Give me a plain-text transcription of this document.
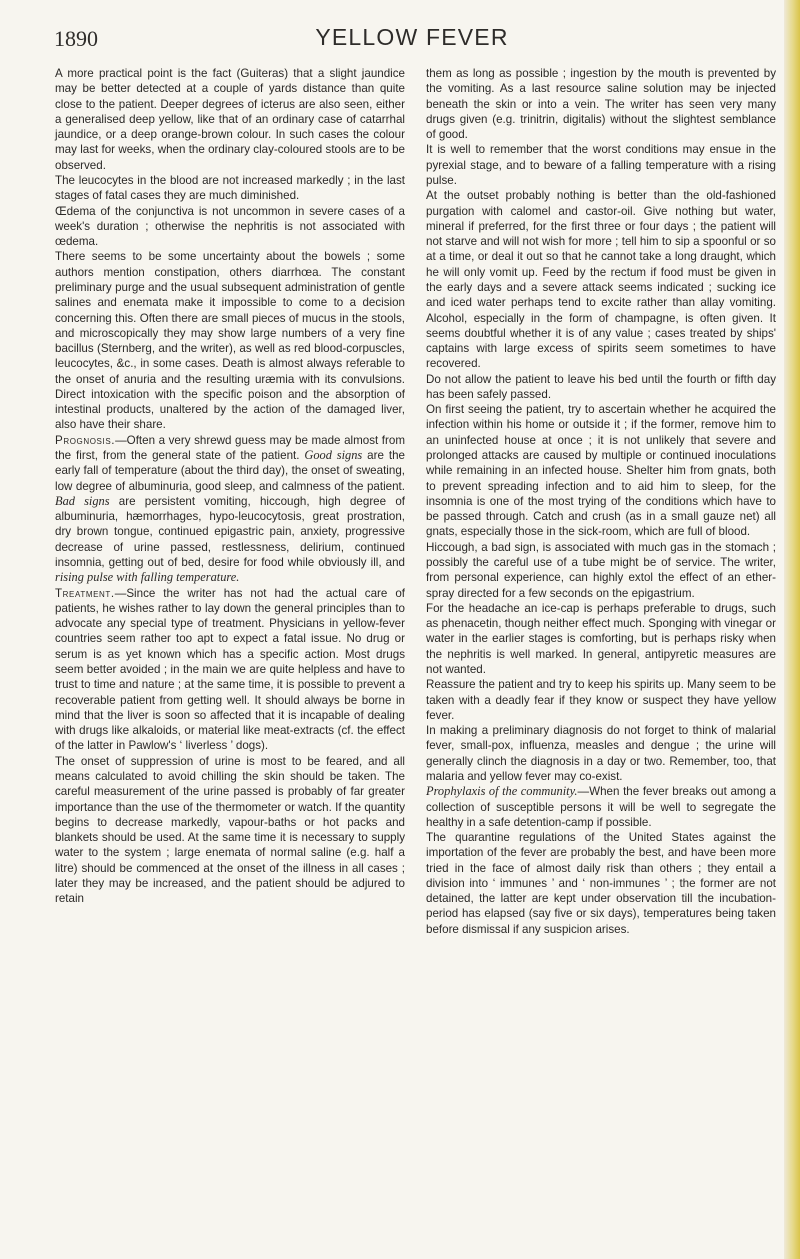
1890	YELLOW FEVER

A more practical point is the fact (Guiteras) that a slight jaundice may be better detected at a couple of yards distance than quite close to the patient. Deeper degrees of icterus are also seen, either a generalised deep yellow, like that of an ordinary case of catarrhal jaundice, or a deep orange-brown colour. In such cases the colour may last for weeks, when the ordinary clay-coloured stools are to be observed.

The leucocytes in the blood are not increased markedly ; in the last stages of fatal cases they are much diminished.

Œdema of the conjunctiva is not uncommon in severe cases of a week's duration ; otherwise the nephritis is not associated with œdema.

There seems to be some uncertainty about the bowels ; some authors mention constipation, others diarrhœa. The constant preliminary purge and the usual subsequent administration of gentle salines and enemata make it impossible to come to a decision concerning this. Often there are small pieces of mucus in the stools, and microscopically they may show large numbers of a very fine bacillus (Sternberg, and the writer), as well as red blood-corpuscles, leucocytes, &c., in some cases. Death is almost always referable to the onset of anuria and the resulting uræmia with its convulsions. Direct intoxication with the specific poison and the absorption of intestinal products, unaltered by the action of the damaged liver, also have their share.

Prognosis.—Often a very shrewd guess may be made almost from the first, from the general state of the patient. Good signs are the early fall of temperature (about the third day), the onset of sweating, low degree of albuminuria, good sleep, and calmness of the patient. Bad signs are persistent vomiting, hiccough, high degree of albuminuria, hæmorrhages, hypo-leucocytosis, great prostration, dry brown tongue, continued epigastric pain, anxiety, progressive decrease of urine passed, restlessness, delirium, continued insomnia, getting out of bed, desire for food while obviously ill, and rising pulse with falling temperature.

Treatment.—Since the writer has not had the actual care of patients, he wishes rather to lay down the general principles than to advocate any special type of treatment. Physicians in yellow-fever countries seem rather too apt to expect a fatal issue. No drug or serum is as yet known which has a specific action. Most drugs seem better avoided ; in the main we are quite helpless and have to trust to time and nature ; at the same time, it is possible to prevent a recoverable patient from getting well. It should always be borne in mind that the liver is soon so affected that it is incapable of dealing with drugs like alkaloids, or material like meat-extracts (cf. the effect of the latter in Pawlow's ‘ liverless ’ dogs).

The onset of suppression of urine is most to be feared, and all means calculated to avoid chilling the skin should be taken. The careful measurement of the urine passed is probably of far greater importance than the use of the thermometer or watch. If the quantity begins to decrease markedly, vapour-baths or hot packs and blankets should be used. At the same time it is necessary to supply water to the system ; large enemata of normal saline (e.g. half a litre) should be commenced at the onset of the illness in all cases ; later they may be increased, and the patient should be adjured to retain

them as long as possible ; ingestion by the mouth is prevented by the vomiting. As a last resource saline solution may be injected beneath the skin or into a vein. The writer has seen very many drugs given (e.g. trinitrin, digitalis) without the slightest semblance of good.

It is well to remember that the worst conditions may ensue in the pyrexial stage, and to beware of a falling temperature with a rising pulse.

At the outset probably nothing is better than the old-fashioned purgation with calomel and castor-oil. Give nothing but water, mineral if preferred, for the first three or four days ; the patient will not starve and will not wish for more ; tell him to sip a spoonful or so at a time, or deal it out so that he cannot take a long draught, which he will only vomit up. Feed by the rectum if food must be given in the early days and a severe attack seems indicated ; sucking ice and iced water perhaps tend to excite rather than allay vomiting. Alcohol, especially in the form of champagne, is often given. It seems doubtful whether it is of any value ; cases treated by ships' captains with large excess of spirits seem sometimes to have recovered.

Do not allow the patient to leave his bed until the fourth or fifth day has been safely passed.

On first seeing the patient, try to ascertain whether he acquired the infection within his home or outside it ; if the former, remove him to an uninfected house at once ; it is not unlikely that severe and prolonged attacks are caused by multiple or continued inoculations while remaining in an infected house. Shelter him from gnats, both to prevent spreading infection and to aid him to sleep, for the insomnia is one of the most trying of the conditions which have to be passed through. Catch and crush (as in a small gauze net) all gnats, especially those in the sick-room, which are full of blood.

Hiccough, a bad sign, is associated with much gas in the stomach ; possibly the careful use of a tube might be of service. The writer, from personal experience, can highly extol the effect of an ether-spray directed for a few seconds on the epigastrium.

For the headache an ice-cap is perhaps preferable to drugs, such as phenacetin, though neither effect much. Sponging with vinegar or water in the earlier stages is comforting, but is perhaps risky when the nephritis is well marked. In general, antipyretic measures are not wanted.

Reassure the patient and try to keep his spirits up. Many seem to be taken with a deadly fear if they know or suspect they have yellow fever.

In making a preliminary diagnosis do not forget to think of malarial fever, small-pox, influenza, measles and dengue ; the urine will generally clinch the diagnosis in a day or two. Remember, too, that malaria and yellow fever may co-exist.

Prophylaxis of the community.—When the fever breaks out among a collection of susceptible persons it will be well to segregate the healthy in a safe detention-camp if possible.

The quarantine regulations of the United States against the importation of the fever are probably the best, and have been more tried in the face of almost daily risk than others ; they entail a division into ‘ immunes ’ and ‘ non-immunes ’ ; the former are not detained, the latter are kept under observation till the incubation-period has elapsed (say five or six days), temperatures being taken before dismissal if any suspicion arises.
